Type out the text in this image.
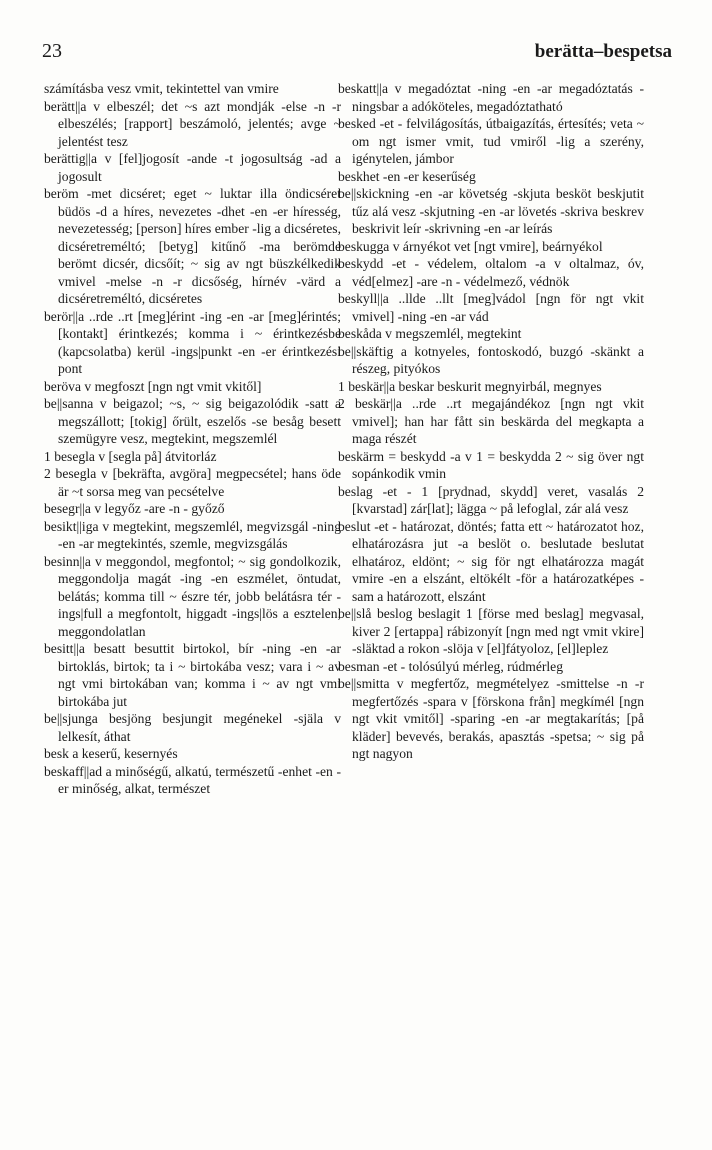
23	berätta–bespetsa

számításba vesz vmit, tekintettel van vmire

berätt||a v elbeszél; det ~s azt mondják -else -n -r elbeszélés; [rapport] beszámoló, jelentés; avge ~ jelentést tesz

berättig||a v [fel]jogosít -ande -t jogosultság -ad a jogosult

beröm -met dicséret; eget ~ luktar illa öndicséret büdös -d a híres, nevezetes -dhet -en -er híresség, nevezetesség; [person] híres ember -lig a dicséretes, dicséretreméltó; [betyg] kitűnő -ma berömde berömt dicsér, dicsőít; ~ sig av ngt büszkélkedik vmivel -melse -n -r dicsőség, hírnév -värd a dicséretreméltó, dicséretes

berör||a ..rde ..rt [meg]érint -ing -en -ar [meg]érintés; [kontakt] érintkezés; komma i ~ érintkezésbe (kapcsolatba) kerül -ings|punkt -en -er érintkezési pont

beröva v megfoszt [ngn ngt vmit vkitől]

be||sanna v beigazol; ~s, ~ sig beigazolódik -satt a megszállott; [tokig] őrült, eszelős -se besåg besett szemügyre vesz, megtekint, megszemlél

1 besegla v [segla på] átvitorláz

2 besegla v [bekräfta, avgöra] megpecsétel; hans öde är ~t sorsa meg van pecsételve

besegr||a v legyőz -are -n - győző

besikt||iga v megtekint, megszemlél, megvizsgál -ning -en -ar megtekintés, szemle, megvizsgálás

besinn||a v meggondol, megfontol; ~ sig gondolkozik, meggondolja magát -ing -en eszmélet, öntudat, belátás; komma till ~ észre tér, jobb belátásra tér -ings|full a megfontolt, higgadt -ings|lös a esztelen, meggondolatlan

besitt||a besatt besuttit birtokol, bír -ning -en -ar birtoklás, birtok; ta i ~ birtokába vesz; vara i ~ av ngt vmi birtokában van; komma i ~ av ngt vmi birtokába jut

be||sjunga besjöng besjungit megénekel -själa v lelkesít, áthat

besk a keserű, kesernyés

beskaff||ad a minőségű, alkatú, természetű -enhet -en -er minőség, alkat, természet

beskatt||a v megadóztat -ning -en -ar megadóztatás -ningsbar a adóköteles, megadóztatható

besked -et - felvilágosítás, útbaigazítás, értesítés; veta ~ om ngt ismer vmit, tud vmiről -lig a szerény, igénytelen, jámbor

beskhet -en -er keserűség

be||skickning -en -ar követség -skjuta besköt beskjutit tűz alá vesz -skjutning -en -ar lövetés -skriva beskrev beskrivit leír -skrivning -en -ar leírás

beskugga v árnyékot vet [ngt vmire], beárnyékol

beskydd -et - védelem, oltalom -a v oltalmaz, óv, véd[elmez] -are -n - védelmező, védnök

beskyll||a ..llde ..llt [meg]vádol [ngn för ngt vkit vmivel] -ning -en -ar vád

beskåda v megszemlél, megtekint

be||skäftig a kotnyeles, fontoskodó, buzgó -skänkt a részeg, pityókos

1 beskär||a beskar beskurit megnyirbál, megnyes

2 beskär||a ..rde ..rt megajándékoz [ngn ngt vkit vmivel]; han har fått sin beskärda del megkapta a maga részét

beskärm = beskydd -a v 1 = beskydda 2 ~ sig över ngt sopánkodik vmin

beslag -et - 1 [prydnad, skydd] veret, vasalás 2 [kvarstad] zár[lat]; lägga ~ på lefoglal, zár alá vesz

beslut -et - határozat, döntés; fatta ett ~ határozatot hoz, elhatározásra jut -a beslöt o. beslutade beslutat elhatároz, eldönt; ~ sig för ngt elhatározza magát vmire -en a elszánt, eltökélt -för a határozatképes -sam a határozott, elszánt

be||slå beslog beslagit 1 [förse med beslag] megvasal, kiver 2 [ertappa] rábizonyít [ngn med ngt vmit vkire] -släktad a rokon -slöja v [el]fátyoloz, [el]leplez

besman -et - tolósúlyú mérleg, rúdmérleg

be||smitta v megfertőz, megmételyez -smittelse -n -r megfertőzés -spara v [förskona från] megkímél [ngn ngt vkit vmitől] -sparing -en -ar megtakarítás; [på kläder] bevevés, berakás, apasztás -spetsa; ~ sig på ngt nagyon
